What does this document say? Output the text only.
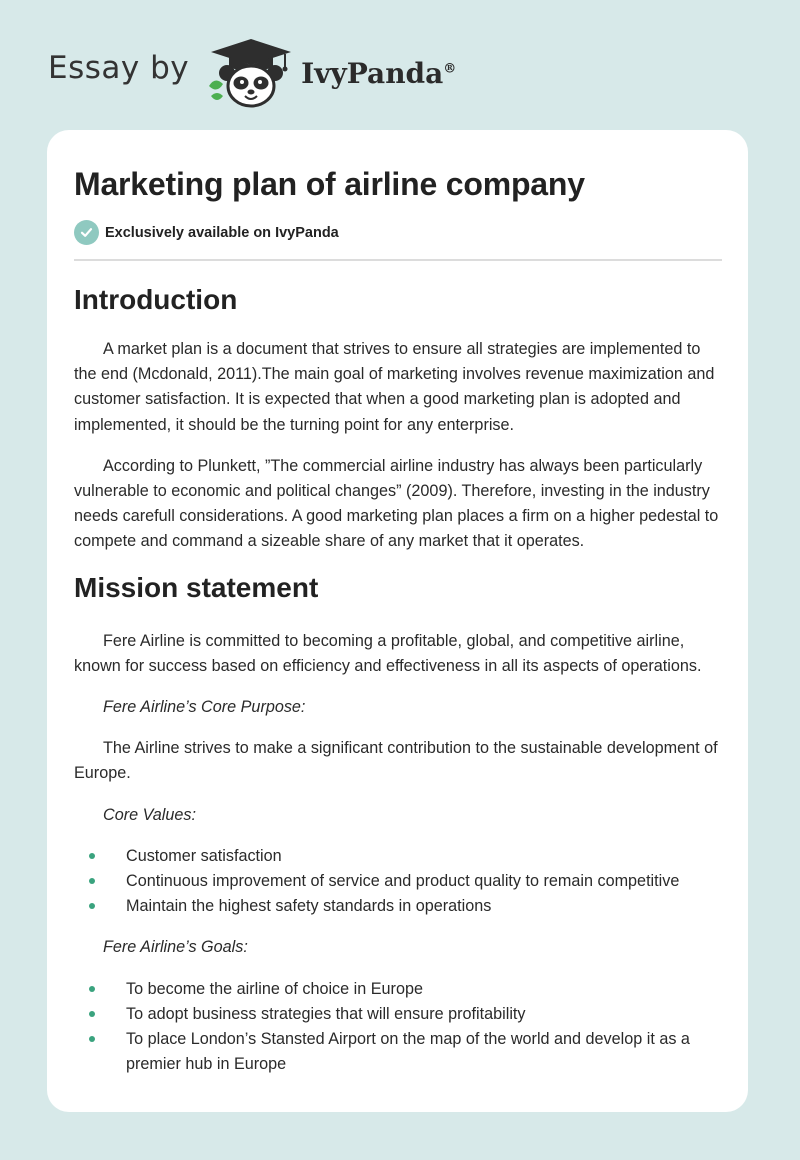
Essay by	IvyPanda®
Marketing plan of airline company
Exclusively available on IvyPanda
Introduction

A market plan is a document that strives to ensure all strategies are implemented to the end (Mcdonald, 2011).The main goal of marketing involves revenue maximization and customer satisfaction. It is expected that when a good marketing plan is adopted and implemented, it should be the turning point for any enterprise.

According to Plunkett, ”The commercial airline industry has always been particularly vulnerable to economic and political changes” (2009). Therefore, investing in the industry needs carefull considerations. A good marketing plan places a firm on a higher pedestal to compete and command a sizeable share of any market that it operates.

Mission statement

Fere Airline is committed to becoming a profitable, global, and competitive airline, known for success based on efficiency and effectiveness in all its aspects of operations.

Fere Airline’s Core Purpose:

The Airline strives to make a significant contribution to the sustainable development of Europe.

Core Values:

Customer satisfaction
Continuous improvement of service and product quality to remain competitive
Maintain the highest safety standards in operations

Fere Airline’s Goals:

To become the airline of choice in Europe
To adopt business strategies that will ensure profitability
To place London’s Stansted Airport on the map of the world and develop it as a premier hub in Europe
